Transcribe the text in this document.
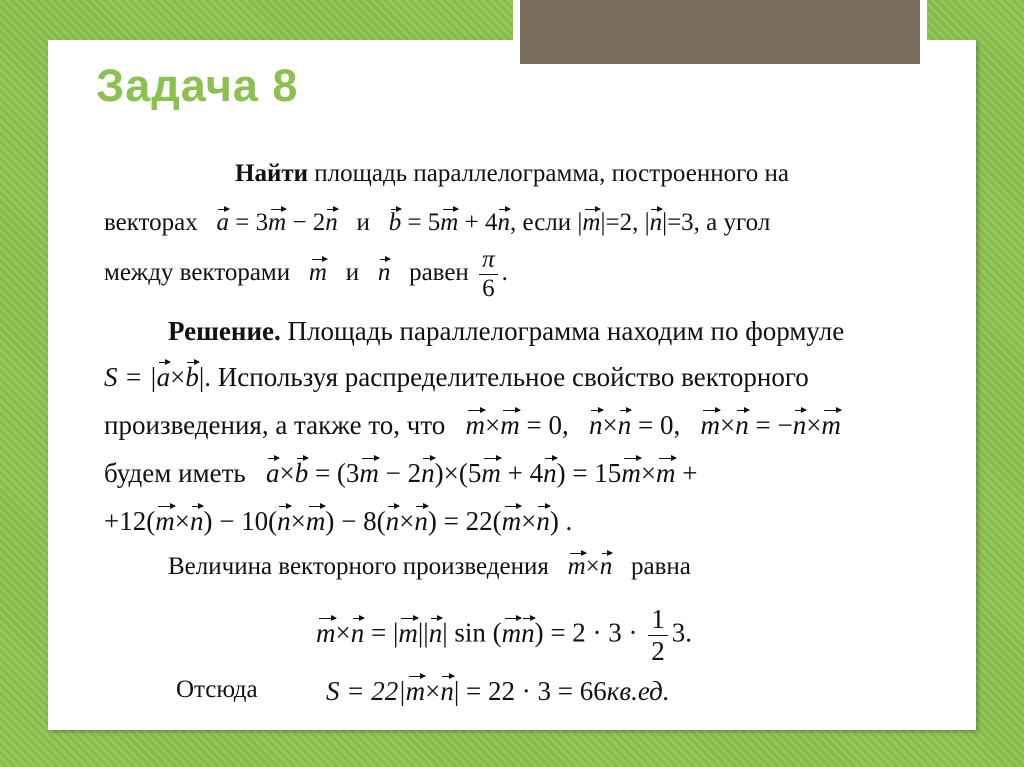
Задача 8
Найти площадь параллелограмма, построенного на
векторах a = 3m − 2n и b = 5m + 4n, если |m|=2, |n|=3, а угол
между векторами m и n равен $\frac{\pi}{6}$ .
Решение. Площадь параллелограмма находим по формуле
S = |a×b|. Используя распределительное свойство векторного
произведения, а также то, что m×m = 0, n×n = 0, m×n = −n×m
будем иметь a×b = (3m − 2n)×(5m + 4n) = 15m×m +
+12(m×n) − 10(n×m) − 8(n×n) = 22(m×n) .
Величина векторного произведения m×n равна
m×n = |m||n| $\sin (mn) = 2 \cdot 3 \cdot \frac{1}{2} 3$.
Отсюда	S = 22|m×n| = 22 · 3 = 66кв.ед.
